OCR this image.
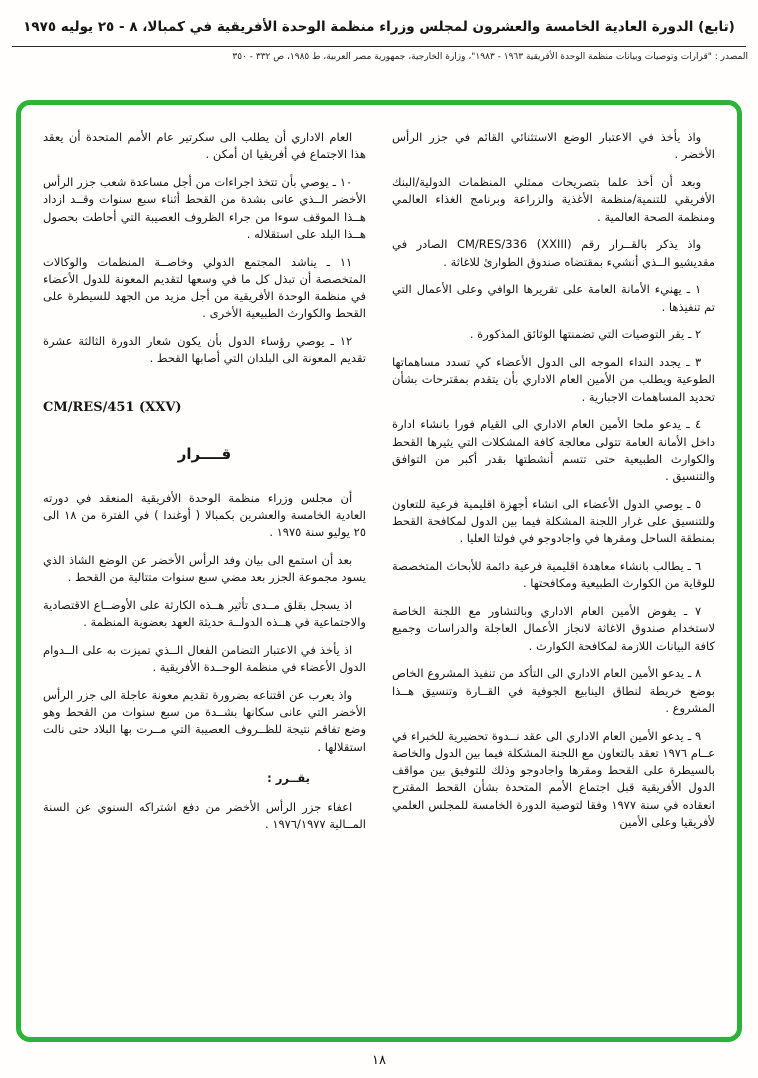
(تابع) الدورة العادية الخامسة والعشرون لمجلس وزراء منظمة الوحدة الأفريقية في كمبالا، ٨ - ٢٥ يوليه ١٩٧٥
المصدر : "قرارات وتوصيات وبيانات منظمة الوحدة الأفريقية ١٩٦٣ - ١٩٨٣"، وزارة الخارجية، جمهورية مصر العربية، ط ١٩٨٥، ص ٣٣٢ - ٣٥٠
واذ يأخذ في الاعتبار الوضع الاستثنائي القائم في جزر الرأس الأخضر .
وبعد أن أخذ علما بتصريحات ممثلي المنظمات الدولية/البنك الأفريقي للتنمية/منظمة الأغذية والزراعة وبرنامج الغذاء العالمي ومنظمة الصحة العالمية .
واذ يذكر بالقــرار رقم CM/RES/336 (XXIII) الصادر في مقديشيو الــذي أنشيء بمقتضاه صندوق الطوارئ للاغاثة .
١ ـ يهنيء الأمانة العامة على تقريرها الوافي وعلى الأعمال التي تم تنفيذها .
٢ ـ يقر التوصيات التي تضمنتها الوثائق المذكورة .
٣ ـ يجدد النداء الموجه الى الدول الأعضاء كي تسدد مساهماتها الطوعية ويطلب من الأمين العام الاداري بأن يتقدم بمقترحات بشأن تحديد المساهمات الاجبارية .
٤ ـ يدعو ملحا الأمين العام الاداري الى القيام فورا بانشاء ادارة داخل الأمانة العامة تتولى معالجة كافة المشكلات التي يثيرها القحط والكوارث الطبيعية حتى تتسم أنشطتها بقدر أكبر من التوافق والتنسيق .
٥ ـ يوصي الدول الأعضاء الى انشاء أجهزة اقليمية فرعية للتعاون وللتنسيق على غرار اللجنة المشكلة فيما بين الدول لمكافحة القحط بمنطقة الساحل ومقرها في واجادوجو في فولتا العليا .
٦ ـ يطالب بانشاء معاهدة اقليمية فرعية دائمة للأبحاث المتخصصة للوقاية من الكوارث الطبيعية ومكافحتها .
٧ ـ يفوض الأمين العام الاداري وبالتشاور مع اللجنة الخاصة لاستخدام صندوق الاغاثة لانجاز الأعمال العاجلة والدراسات وجميع كافة البيانات اللازمة لمكافحة الكوارث .
٨ ـ يدعو الأمين العام الاداري الى التأكد من تنفيذ المشروع الخاص بوضع خريطة لنطاق الينابيع الجوفية في القــارة وتنسيق هــذا المشروع .
٩ ـ يدعو الأمين العام الاداري الى عقد نــدوة تحضيرية للخبراء في عــام ١٩٧٦ تعقد بالتعاون مع اللجنة المشكلة فيما بين الدول والخاصة بالسيطرة على القحط ومقرها واجادوجو وذلك للتوفيق بين مواقف الدول الأفريقية قبل اجتماع الأمم المتحدة بشأن القحط المقترح انعقاده في سنة ١٩٧٧ وفقا لتوصية الدورة الخامسة للمجلس العلمي لأفريقيا وعلى الأمين
العام الاداري أن يطلب الى سكرتير عام الأمم المتحدة أن يعقد هذا الاجتماع في أفريقيا ان أمكن .
١٠ ـ يوصي بأن تتخذ اجراءات من أجل مساعدة شعب جزر الرأس الأخضر الــذي عانى بشدة من القحط أثناء سبع سنوات وقــد ازداد هــذا الموقف سوءا من جراء الظروف العصيبة التي أحاطت بحصول هــذا البلد على استقلاله .
١١ ـ يناشد المجتمع الدولي وخاصــة المنظمات والوكالات المتخصصة أن تبذل كل ما في وسعها لتقديم المعونة للدول الأعضاء في منظمة الوحدة الأفريقية من أجل مزيد من الجهد للسيطرة على القحط والكوارث الطبيعية الأخرى .
١٢ ـ يوصي رؤساء الدول بأن يكون شعار الدورة الثالثة عشرة تقديم المعونة الى البلدان التي أصابها القحط .
CM/RES/451 (XXV)
قــــرار
أن مجلس وزراء منظمة الوحدة الأفريقية المنعقد في دورته العادية الخامسة والعشرين بكمبالا ( أوغندا ) في الفترة من ١٨ الى ٢٥ يوليو سنة ١٩٧٥ .
بعد أن استمع الى بيان وفد الرأس الأخضر عن الوضع الشاذ الذي يسود مجموعة الجزر بعد مضي سبع سنوات متتالية من القحط .
اذ يسجل بقلق مــدى تأثير هــذه الكارثة على الأوضــاع الاقتصادية والاجتماعية في هــذه الدولــة حديثة العهد بعضوية المنظمة .
اذ يأخذ في الاعتبار التضامن الفعال الــذي تميزت به على الــدوام الدول الأعضاء في منظمة الوحــدة الأفريقية .
واذ يعرب عن اقتناعه بضرورة تقديم معونة عاجلة الى جزر الرأس الأخضر التي عانى سكانها بشــدة من سبع سنوات من القحط وهو وضع تفاقم نتيجة للظــروف العصيبة التي مــرت بها البلاد حتى نالت استقلالها .
يقــرر :
اعفاء جزر الرأس الأخضر من دفع اشتراكه السنوي عن السنة المــالية ١٩٧٦/١٩٧٧ .
١٨
